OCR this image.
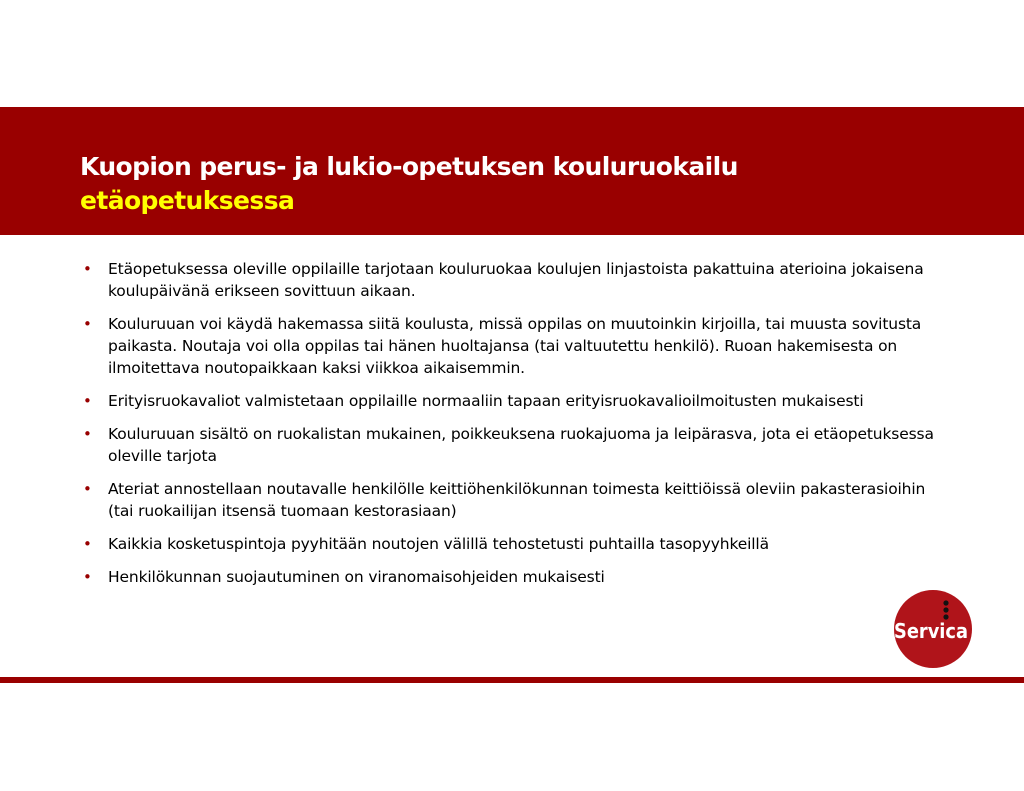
Kuopion perus- ja lukio-opetuksen kouluruokailu
etäopetuksessa
• Etäopetuksessa oleville oppilaille tarjotaan kouluruokaa koulujen linjastoista pakattuina aterioina jokaisena koulupäivänä erikseen sovittuun aikaan.
• Kouluruuan voi käydä hakemassa siitä koulusta, missä oppilas on muutoinkin kirjoilla, tai muusta sovitusta paikasta. Noutaja voi olla oppilas tai hänen huoltajansa (tai valtuutettu henkilö). Ruoan hakemisesta on ilmoitettava noutopaikkaan kaksi viikkoa aikaisemmin.
• Erityisruokavaliot valmistetaan oppilaille normaaliin tapaan erityisruokavalioilmoitusten mukaisesti
• Kouluruuan sisältö on ruokalistan mukainen, poikkeuksena ruokajuoma ja leipärasva, jota ei etäopetuksessa oleville tarjota
• Ateriat annostellaan noutavalle henkilölle keittiöhenkilökunnan toimesta keittiöissä oleviin pakasterasioihin (tai ruokailijan itsensä tuomaan kestorasiaan)
• Kaikkia kosketuspintoja pyyhitään noutojen välillä tehostetusti puhtailla tasopyyhkeillä
• Henkilökunnan suojautuminen on viranomaisohjeiden mukaisesti
Servica
